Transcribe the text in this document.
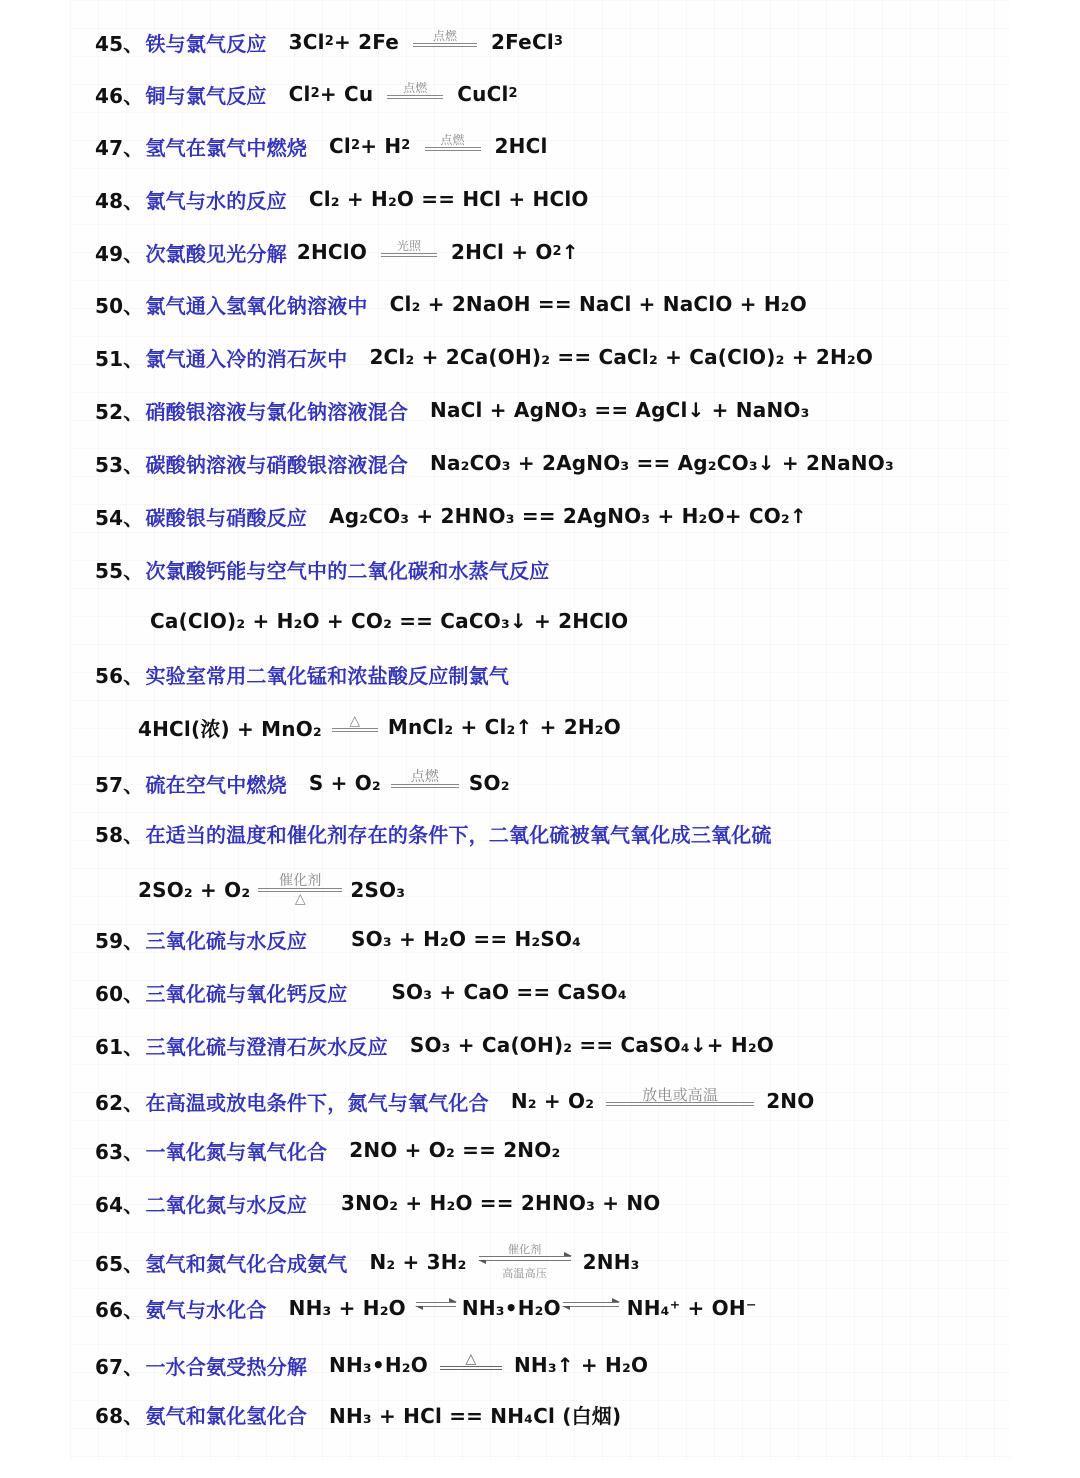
45、 铁与氯气反应 3Cl 2 + 2Fe	点燃 2FeCl 3
46、 铜与氯气反应 Cl 2 + Cu 点燃 CuCl 2
47、 氢气在氯气中燃烧 Cl 2 + H 2 点燃 2HCl
48、 氯气与水的反应 Cl₂ + H₂O == HCl + HClO
49、 次氯酸见光分解 2HClO 光照 2HCl + O 2 ↑
50、 氯气通入氢氧化钠溶液中 Cl₂ + 2NaOH == NaCl + NaClO + H₂O
51、 氯气通入冷的消石灰中 2Cl₂ + 2Ca(OH)₂ == CaCl₂ + Ca(ClO)₂ + 2H₂O
52、 硝酸银溶液与氯化钠溶液混合 NaCl + AgNO₃ == AgCl↓ + NaNO₃
53、 碳酸钠溶液与硝酸银溶液混合 Na₂CO₃ + 2AgNO₃ == Ag₂CO₃↓ + 2NaNO₃
54、 碳酸银与硝酸反应 Ag₂CO₃ + 2HNO₃ == 2AgNO₃ + H₂O+ CO₂↑
55、 次氯酸钙能与空气中的二氧化碳和水蒸气反应
Ca(ClO)₂ + H₂O + CO₂ == CaCO₃↓ + 2HClO
56、 实验室常用二氧化锰和浓盐酸反应制氯气
4HCl(浓) + MnO₂ △ MnCl₂ + Cl₂↑ + 2H₂O
57、 硫在空气中燃烧 S + O₂ 点燃 SO₂
58、 在适当的温度和催化剂存在的条件下，二氧化硫被氧气氧化成三氧化硫
2SO₂ + O₂ 催化剂
△ 2SO₃
59、 三氧化硫与水反应 SO₃ + H₂O == H₂SO₄
60、 三氧化硫与氧化钙反应 SO₃ + CaO == CaSO₄
61、 三氧化硫与澄清石灰水反应 SO₃ + Ca(OH)₂ == CaSO₄↓+ H₂O
62、 在高温或放电条件下，氮气与氧气化合 N₂ + O₂	放电或高温 2NO
63、 一氧化氮与氧气化合 2NO + O₂ == 2NO₂
64、 二氧化氮与水反应 3NO₂ + H₂O == 2HNO₃ + NO
65、 氢气和氮气化合成氨气 N₂ + 3H₂
催化剂
高温高压 2NH₃
66、 氨气与水化合 NH₃ + H₂O → NH₃•H₂O → NH₄⁺ + OH⁻
67、 一水合氨受热分解 NH₃•H₂O	△ NH₃↑ + H₂O
68、 氨气和氯化氢化合 NH₃ + HCl == NH₄Cl (白烟)
